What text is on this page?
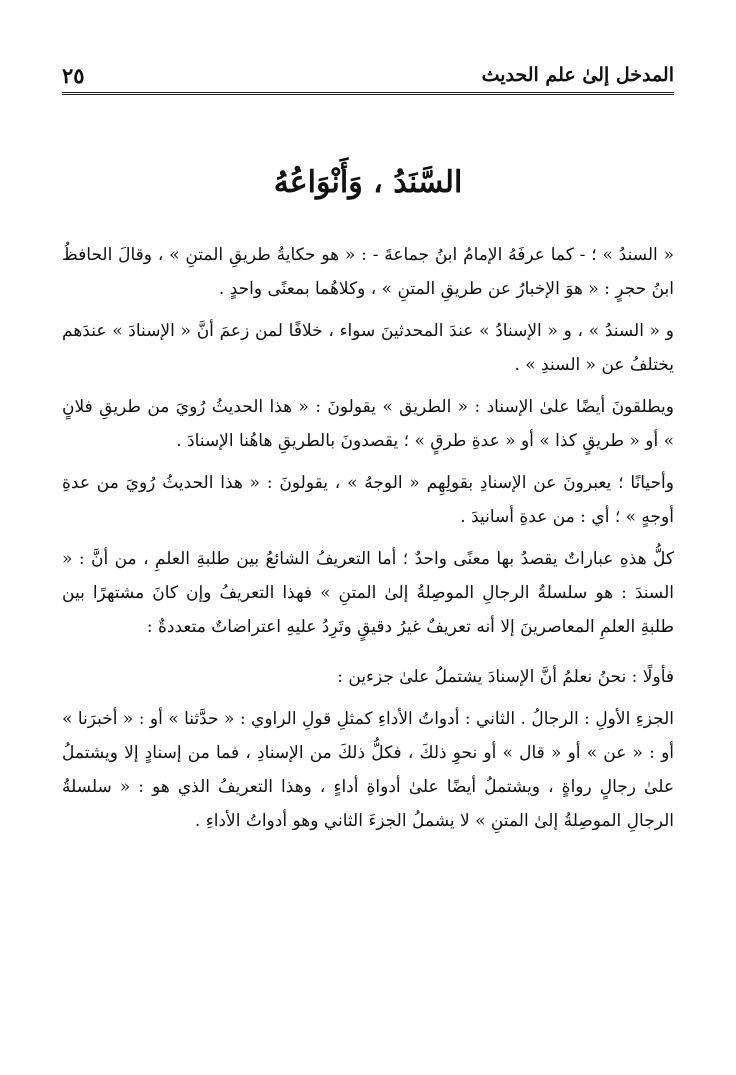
المدخل إلىٰ علم الحديث
٢٥
السَّنَدُ ، وَأَنْوَاعُهُ

« السندُ » ؛ - كما عرفَهُ الإمامُ ابنُ جماعةَ - : « هو حكايةُ طريقِ المتنِ » ، وقالَ الحافظُ ابنُ حجرٍ : « هوَ الإخبارُ عن طريقِ المتنِ » ، وكلاهُما بمعنًى واحدٍ .

و « السندُ » ، و « الإسنادُ » عندَ المحدثينَ سواء ، خلافًا لمن زعمَ أنَّ « الإسنادَ » عندَهم يختلفُ عن « السندِ » .

ويطلقونَ أيضًا علىٰ الإسناد : « الطريق » يقولونَ : « هذا الحديثُ رُويَ من طريقِ فلانٍ » أو « طريقٍ كذا » أو « عدةِ طرقٍ » ؛ يقصدونَ بالطريقِ هاهُنا الإسنادَ .

وأحيانًا ؛ يعبرونَ عن الإسنادِ بقولِهِم « الوجهُ » ، يقولونَ : « هذا الحديثُ رُويَ من عدةِ أوجهٍ » ؛ أي : من عدةِ أسانيدَ .

كلُّ هذهِ عباراتٌ يقصدُ بها معنًى واحدٌ ؛ أما التعريفُ الشائعُ بين طلبةِ العلمِ ، من أنَّ : « السندَ : هو سلسلةُ الرجالِ الموصِلةُ إلىٰ المتنِ » فهذا التعريفُ وإن كانَ مشتهرًا بين طلبةِ العلمِ المعاصرينَ إلا أنه تعريفٌ غيرُ دقيقٍ وتَرِدُ عليهِ اعتراضاتٌ متعددةٌ :

فأولًا : نحنُ نعلمُ أنَّ الإسنادَ يشتملُ علىٰ جزءين :

الجزءِ الأولِ : الرجالُ . الثاني : أدواتُ الأداءِ كمثلِ قولِ الراوي : « حدَّثنا » أو : « أخبرَنا » أو : « عن » أو « قال » أو نحوِ ذلكَ ، فكلُّ ذلكَ من الإسنادِ ، فما من إسنادٍ إلا ويشتملُ علىٰ رجالٍ رواةٍ ، ويشتملُ أيضًا علىٰ أدواةِ أداءٍ ، وهذا التعريفُ الذي هو : « سلسلةُ الرجالِ الموصِلةُ إلىٰ المتنِ » لا يشملُ الجزءَ الثاني وهو أدواتُ الأداءِ .
